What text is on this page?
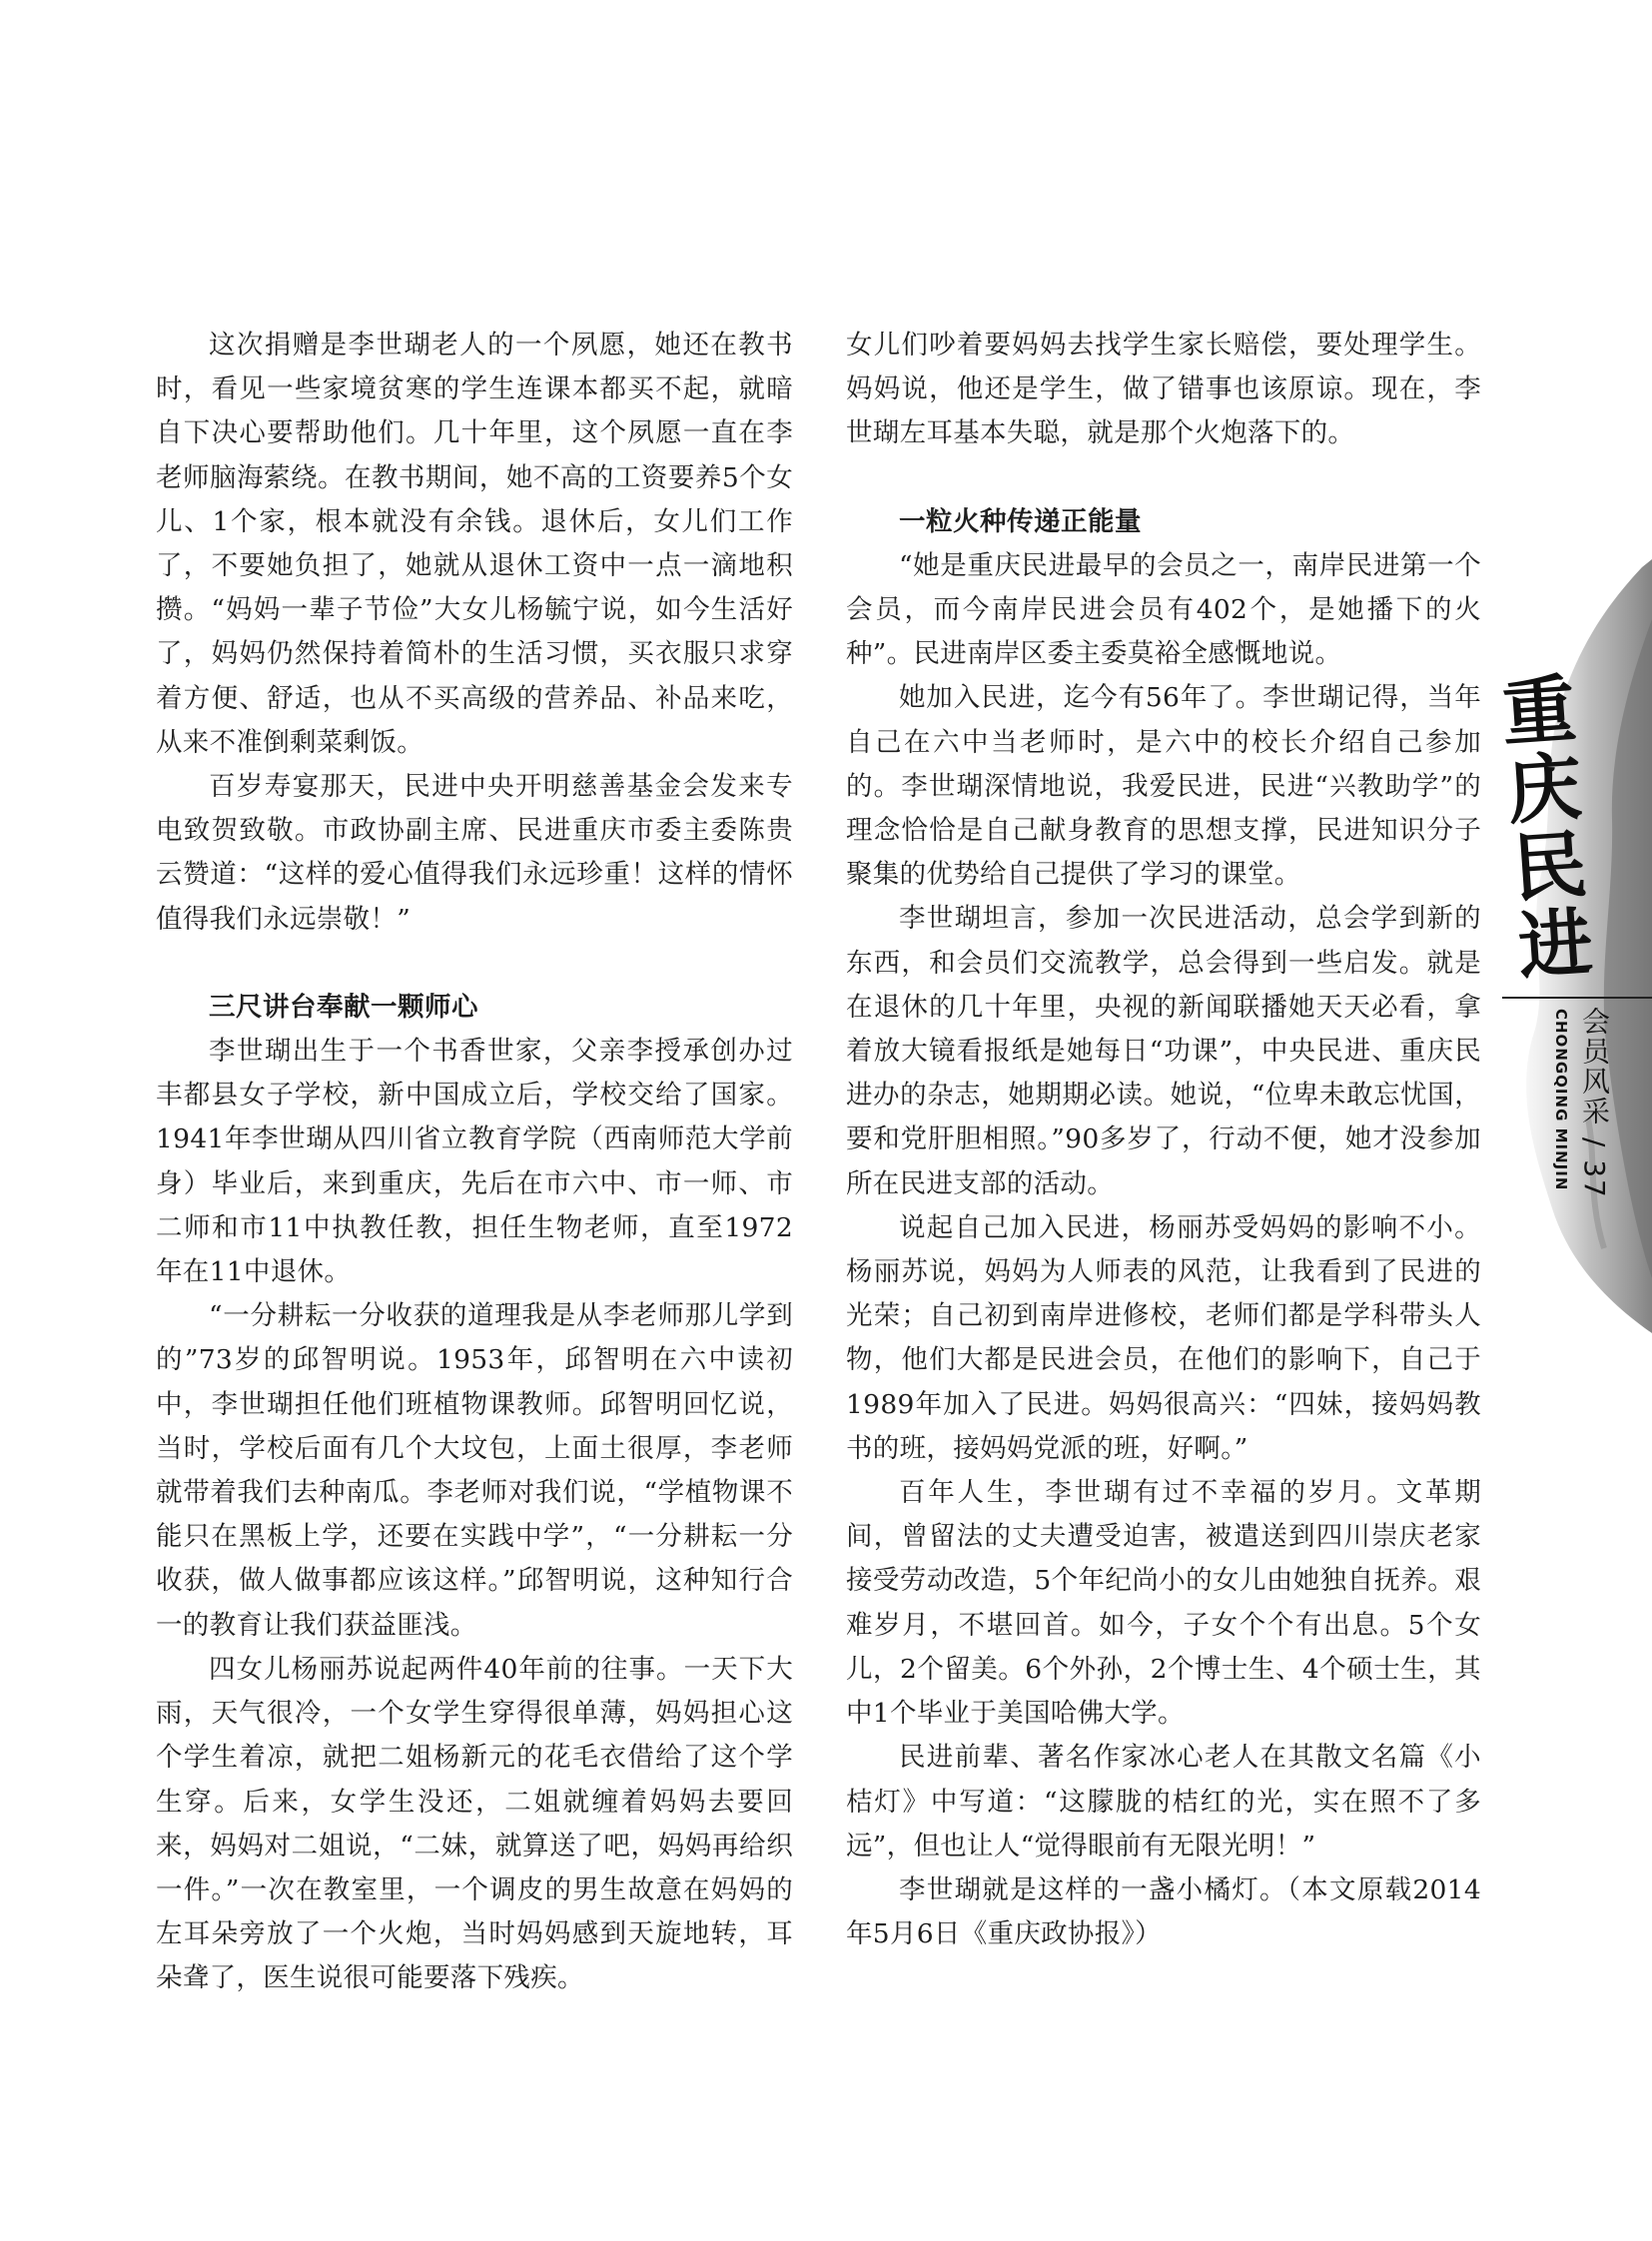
这次捐赠是李世瑚老人的一个夙愿，她还在教书时，看见一些家境贫寒的学生连课本都买不起，就暗自下决心要帮助他们。几十年里，这个夙愿一直在李老师脑海萦绕。在教书期间，她不高的工资要养5个女儿、1个家，根本就没有余钱。退休后，女儿们工作了，不要她负担了，她就从退休工资中一点一滴地积攒。“妈妈一辈子节俭”大女儿杨毓宁说，如今生活好了，妈妈仍然保持着简朴的生活习惯，买衣服只求穿着方便、舒适，也从不买高级的营养品、补品来吃，从来不准倒剩菜剩饭。

百岁寿宴那天，民进中央开明慈善基金会发来专电致贺致敬。市政协副主席、民进重庆市委主委陈贵云赞道：“这样的爱心值得我们永远珍重！这样的情怀值得我们永远崇敬！”

三尺讲台奉献一颗师心

李世瑚出生于一个书香世家，父亲李授承创办过丰都县女子学校，新中国成立后，学校交给了国家。1941年李世瑚从四川省立教育学院（西南师范大学前身）毕业后，来到重庆，先后在市六中、市一师、市二师和市11中执教任教，担任生物老师，直至1972年在11中退休。

“一分耕耘一分收获的道理我是从李老师那儿学到的”73岁的邱智明说。1953年，邱智明在六中读初中，李世瑚担任他们班植物课教师。邱智明回忆说，当时，学校后面有几个大坟包，上面土很厚，李老师就带着我们去种南瓜。李老师对我们说，“学植物课不能只在黑板上学，还要在实践中学”，“一分耕耘一分收获，做人做事都应该这样。”邱智明说，这种知行合一的教育让我们获益匪浅。

四女儿杨丽苏说起两件40年前的往事。一天下大雨，天气很冷，一个女学生穿得很单薄，妈妈担心这个学生着凉，就把二姐杨新元的花毛衣借给了这个学生穿。后来，女学生没还，二姐就缠着妈妈去要回来，妈妈对二姐说，“二妹，就算送了吧，妈妈再给织一件。”一次在教室里，一个调皮的男生故意在妈妈的左耳朵旁放了一个火炮，当时妈妈感到天旋地转，耳朵聋了，医生说很可能要落下残疾。

女儿们吵着要妈妈去找学生家长赔偿，要处理学生。妈妈说，他还是学生，做了错事也该原谅。现在，李世瑚左耳基本失聪，就是那个火炮落下的。

一粒火种传递正能量

“她是重庆民进最早的会员之一，南岸民进第一个会员，而今南岸民进会员有402个，是她播下的火种”。民进南岸区委主委莫裕全感慨地说。

她加入民进，迄今有56年了。李世瑚记得，当年自己在六中当老师时，是六中的校长介绍自己参加的。李世瑚深情地说，我爱民进，民进“兴教助学”的理念恰恰是自己献身教育的思想支撑，民进知识分子聚集的优势给自己提供了学习的课堂。

李世瑚坦言，参加一次民进活动，总会学到新的东西，和会员们交流教学，总会得到一些启发。就是在退休的几十年里，央视的新闻联播她天天必看，拿着放大镜看报纸是她每日“功课”，中央民进、重庆民进办的杂志，她期期必读。她说，“位卑未敢忘忧国，要和党肝胆相照。”90多岁了，行动不便，她才没参加所在民进支部的活动。

说起自己加入民进，杨丽苏受妈妈的影响不小。杨丽苏说，妈妈为人师表的风范，让我看到了民进的光荣；自己初到南岸进修校，老师们都是学科带头人物，他们大都是民进会员，在他们的影响下，自己于1989年加入了民进。妈妈很高兴：“四妹，接妈妈教书的班，接妈妈党派的班，好啊。”

百年人生，李世瑚有过不幸福的岁月。文革期间，曾留法的丈夫遭受迫害，被遣送到四川崇庆老家接受劳动改造，5个年纪尚小的女儿由她独自抚养。艰难岁月，不堪回首。如今，子女个个有出息。5个女儿，2个留美。6个外孙，2个博士生、4个硕士生，其中1个毕业于美国哈佛大学。

民进前辈、著名作家冰心老人在其散文名篇《小桔灯》中写道：“这朦胧的桔红的光，实在照不了多远”，但也让人“觉得眼前有无限光明！”

李世瑚就是这样的一盏小橘灯。（本文原载2014年5月6日《重庆政协报》）

重庆民进
会员风采 / 37
CHONGQING MINJIN
